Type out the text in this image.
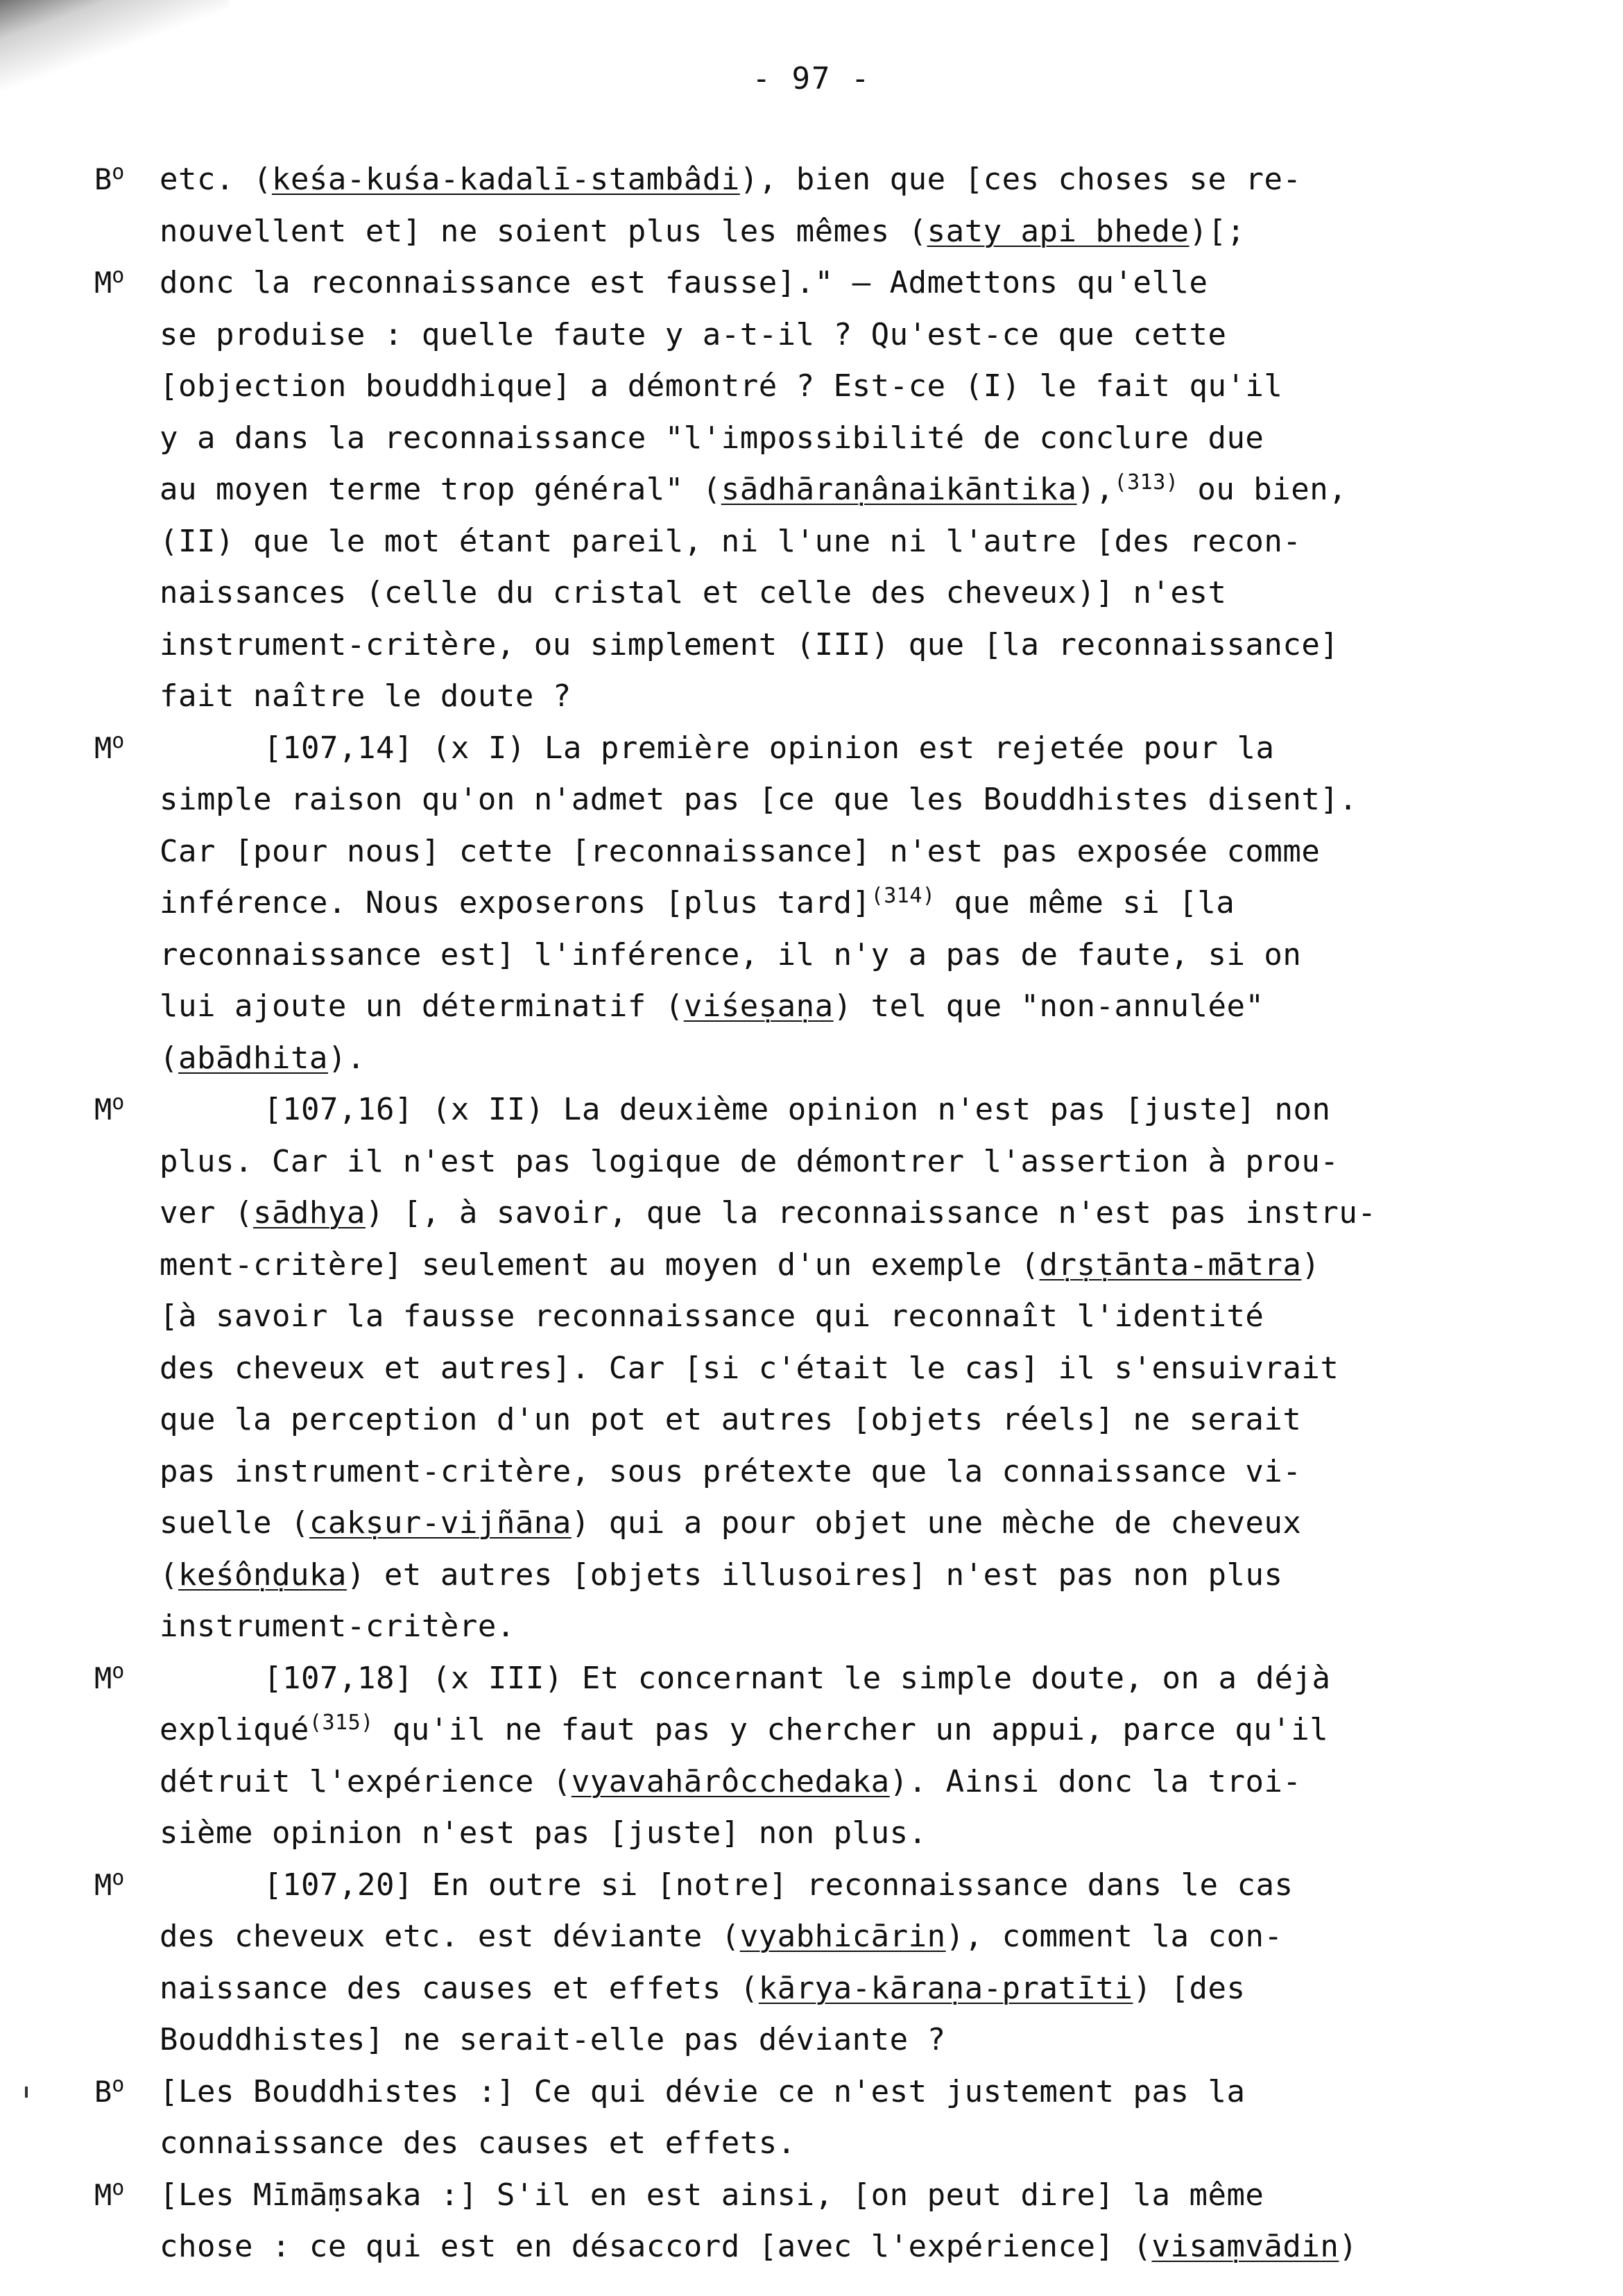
- 97 -
$B^o$ etc. (keśa-kuśa-kadalī-stambâdi), bien que [ces choses se re-
nouvellent et] ne soient plus les mêmes (saty api bhede)[;
$M^o$ donc la reconnaissance est fausse]." — Admettons qu'elle
se produise : quelle faute y a-t-il ? Qu'est-ce que cette
[objection bouddhique] a démontré ? Est-ce (I) le fait qu'il
y a dans la reconnaissance "l'impossibilité de conclure due
au moyen terme trop général" (sādhāraṇânaikāntika),$^{(313)}$ ou bien,
(II) que le mot étant pareil, ni l'une ni l'autre [des recon-
naissances (celle du cristal et celle des cheveux)] n'est
instrument-critère, ou simplement (III) que [la reconnaissance]
fait naître le doute ?
$M^o$	[107,14] (x I) La première opinion est rejetée pour la
simple raison qu'on n'admet pas [ce que les Bouddhistes disent].
Car [pour nous] cette [reconnaissance] n'est pas exposée comme
inférence. Nous exposerons [plus tard]$^{(314)}$ que même si [la
reconnaissance est] l'inférence, il n'y a pas de faute, si on
lui ajoute un déterminatif (viśeṣaṇa) tel que "non-annulée"
(abādhita).
$M^o$	[107,16] (x II) La deuxième opinion n'est pas [juste] non
plus. Car il n'est pas logique de démontrer l'assertion à prou-
ver (sādhya) [, à savoir, que la reconnaissance n'est pas instru-
ment-critère] seulement au moyen d'un exemple (dṛṣṭānta-mātra)
[à savoir la fausse reconnaissance qui reconnaît l'identité
des cheveux et autres]. Car [si c'était le cas] il s'ensuivrait
que la perception d'un pot et autres [objets réels] ne serait
pas instrument-critère, sous prétexte que la connaissance vi-
suelle (cakṣur-vijñāna) qui a pour objet une mèche de cheveux
(keśôṇḍuka) et autres [objets illusoires] n'est pas non plus
instrument-critère.
$M^o$	[107,18] (x III) Et concernant le simple doute, on a déjà
expliqué$^{(315)}$ qu'il ne faut pas y chercher un appui, parce qu'il
détruit l'expérience (vyavahārôcchedaka). Ainsi donc la troi-
sième opinion n'est pas [juste] non plus.
$M^o$	[107,20] En outre si [notre] reconnaissance dans le cas
des cheveux etc. est déviante (vyabhicārin), comment la con-
naissance des causes et effets (kārya-kāraṇa-pratīti) [des
Bouddhistes] ne serait-elle pas déviante ?
$B^o$ [Les Bouddhistes :] Ce qui dévie ce n'est justement pas la
connaissance des causes et effets.
$M^o$ [Les Mīmāṃsaka :] S'il en est ainsi, [on peut dire] la même
chose : ce qui est en désaccord [avec l'expérience] (visaṃvādin)
